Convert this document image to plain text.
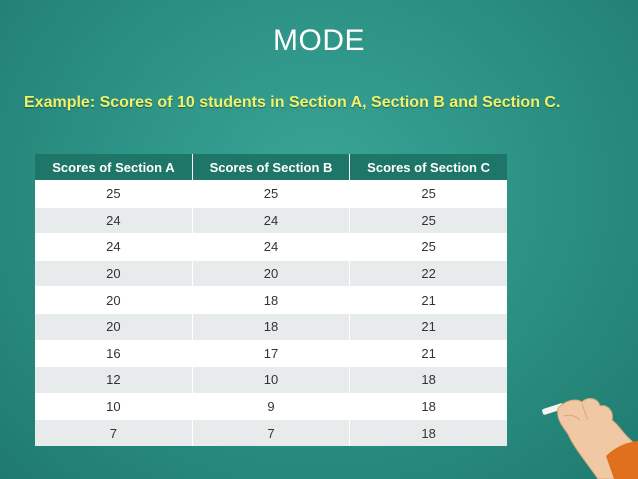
MODE
Example: Scores of 10 students in Section A, Section B and Section C.
Scores of Section A	Scores of Section B	Scores of Section C
25	25	25
24	24	25
24	24	25
20	20	22
20	18	21
20	18	21
16	17	21
12	10	18
10	9	18
7	7	18
